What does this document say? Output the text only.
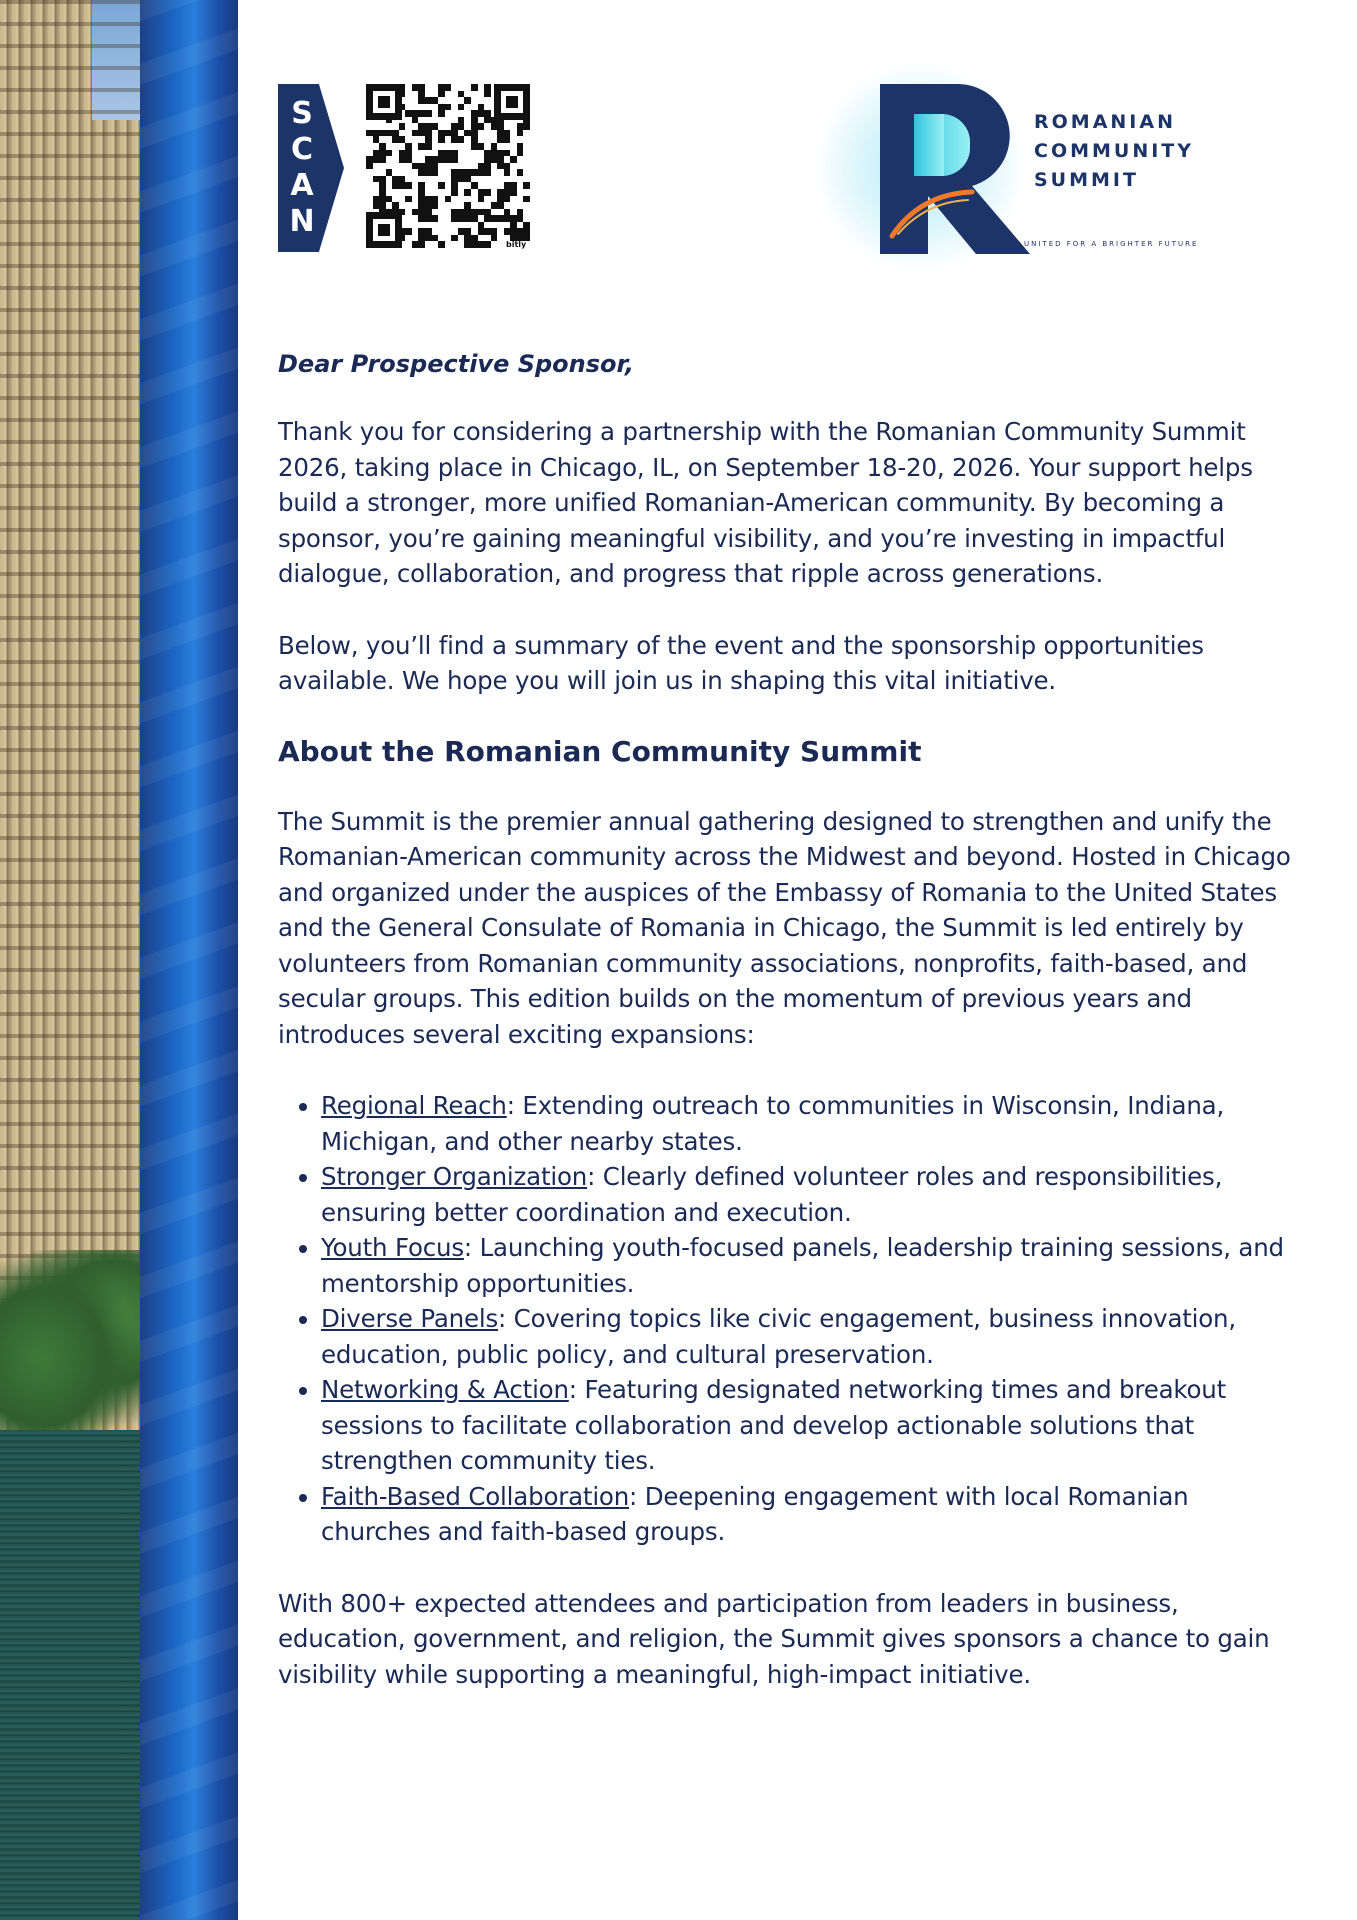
S
C
A
N
bitly
ROMANIAN
COMMUNITY
SUMMIT
UNITED FOR A BRIGHTER FUTURE

Dear Prospective Sponsor,

Thank you for considering a partnership with the Romanian Community Summit 2026, taking place in Chicago, IL, on September 18-20, 2026. Your support helps build a stronger, more unified Romanian-American community. By becoming a sponsor, you’re gaining meaningful visibility, and you’re investing in impactful dialogue, collaboration, and progress that ripple across generations.

Below, you’ll find a summary of the event and the sponsorship opportunities available. We hope you will join us in shaping this vital initiative.

About the Romanian Community Summit

The Summit is the premier annual gathering designed to strengthen and unify the Romanian-American community across the Midwest and beyond. Hosted in Chicago and organized under the auspices of the Embassy of Romania to the United States and the General Consulate of Romania in Chicago, the Summit is led entirely by volunteers from Romanian community associations, nonprofits, faith-based, and secular groups. This edition builds on the momentum of previous years and introduces several exciting expansions:

• Regional Reach: Extending outreach to communities in Wisconsin, Indiana, Michigan, and other nearby states.
• Stronger Organization: Clearly defined volunteer roles and responsibilities, ensuring better coordination and execution.
• Youth Focus: Launching youth-focused panels, leadership training sessions, and mentorship opportunities.
• Diverse Panels: Covering topics like civic engagement, business innovation, education, public policy, and cultural preservation.
• Networking & Action: Featuring designated networking times and breakout sessions to facilitate collaboration and develop actionable solutions that strengthen community ties.
• Faith-Based Collaboration: Deepening engagement with local Romanian churches and faith-based groups.

With 800+ expected attendees and participation from leaders in business, education, government, and religion, the Summit gives sponsors a chance to gain visibility while supporting a meaningful, high-impact initiative.
